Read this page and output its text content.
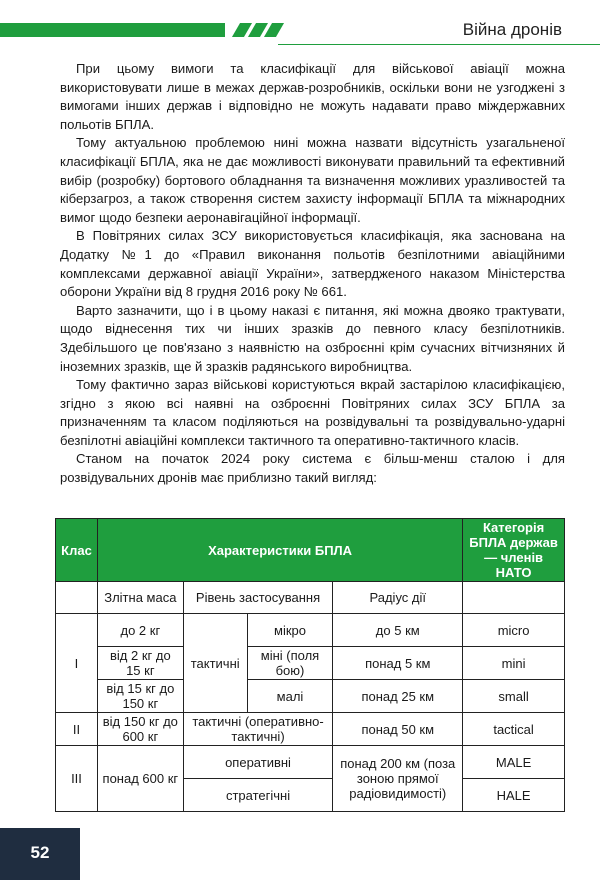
Війна дронів

При цьому вимоги та класифікації для військової авіації можна використовувати лише в межах держав-розробників, оскільки вони не узгоджені з вимогами інших держав і відповідно не можуть надавати право міждержавних польотів БПЛА.

Тому актуальною проблемою нині можна назвати відсутність узагальненої класифікації БПЛА, яка не дає можливості виконувати правильний та ефективний вибір (розробку) бортового обладнання та визначення можливих уразливостей та кіберзагроз, а також створення систем захисту інформації БПЛА та міжнародних вимог щодо безпеки аеронавігаційної інформації.

В Повітряних силах ЗСУ використовується класифікація, яка заснована на Додатку №1 до «Правил виконання польотів безпілотними авіаційними комплексами державної авіації України», затвердженого наказом Міністерства оборони України від 8 грудня 2016 року № 661.

Варто зазначити, що і в цьому наказі є питання, які можна двояко трактувати, щодо віднесення тих чи інших зразків до певного класу безпілотників. Здебільшого це пов'язано з наявністю на озброєнні крім сучасних вітчизняних й іноземних зразків, ще й зразків радянського виробництва.

Тому фактично зараз військові користуються вкрай застарілою класифікацією, згідно з якою всі наявні на озброєнні Повітряних силах ЗСУ БПЛА за призначенням та класом поділяються на розвідувальні та розвідувально-ударні безпілотні авіаційні комплекси тактичного та оперативно-тактичного класів.

Станом на початок 2024 року система є більш-менш сталою і для розвідувальних дронів має приблизно такий вигляд:

Клас	Характеристики БПЛА				Категорія БПЛА держав — членів НАТО
	Злітна маса	Рівень застосування		Радіус дії	
I	до 2 кг	тактичні	мікро	до 5 км	micro
	від 2 кг до 15 кг		міні (поля бою)	понад 5 км	mini
	від 15 кг до 150 кг		малі	понад 25 км	small
II	від 150 кг до 600 кг	тактичні (оперативно- тактичні)		понад 50 км	tactical
III	понад 600 кг	оперативні		понад 200 км (поза зоною прямої радіовидимості)	MALE
		стратегічні			HALE
52
